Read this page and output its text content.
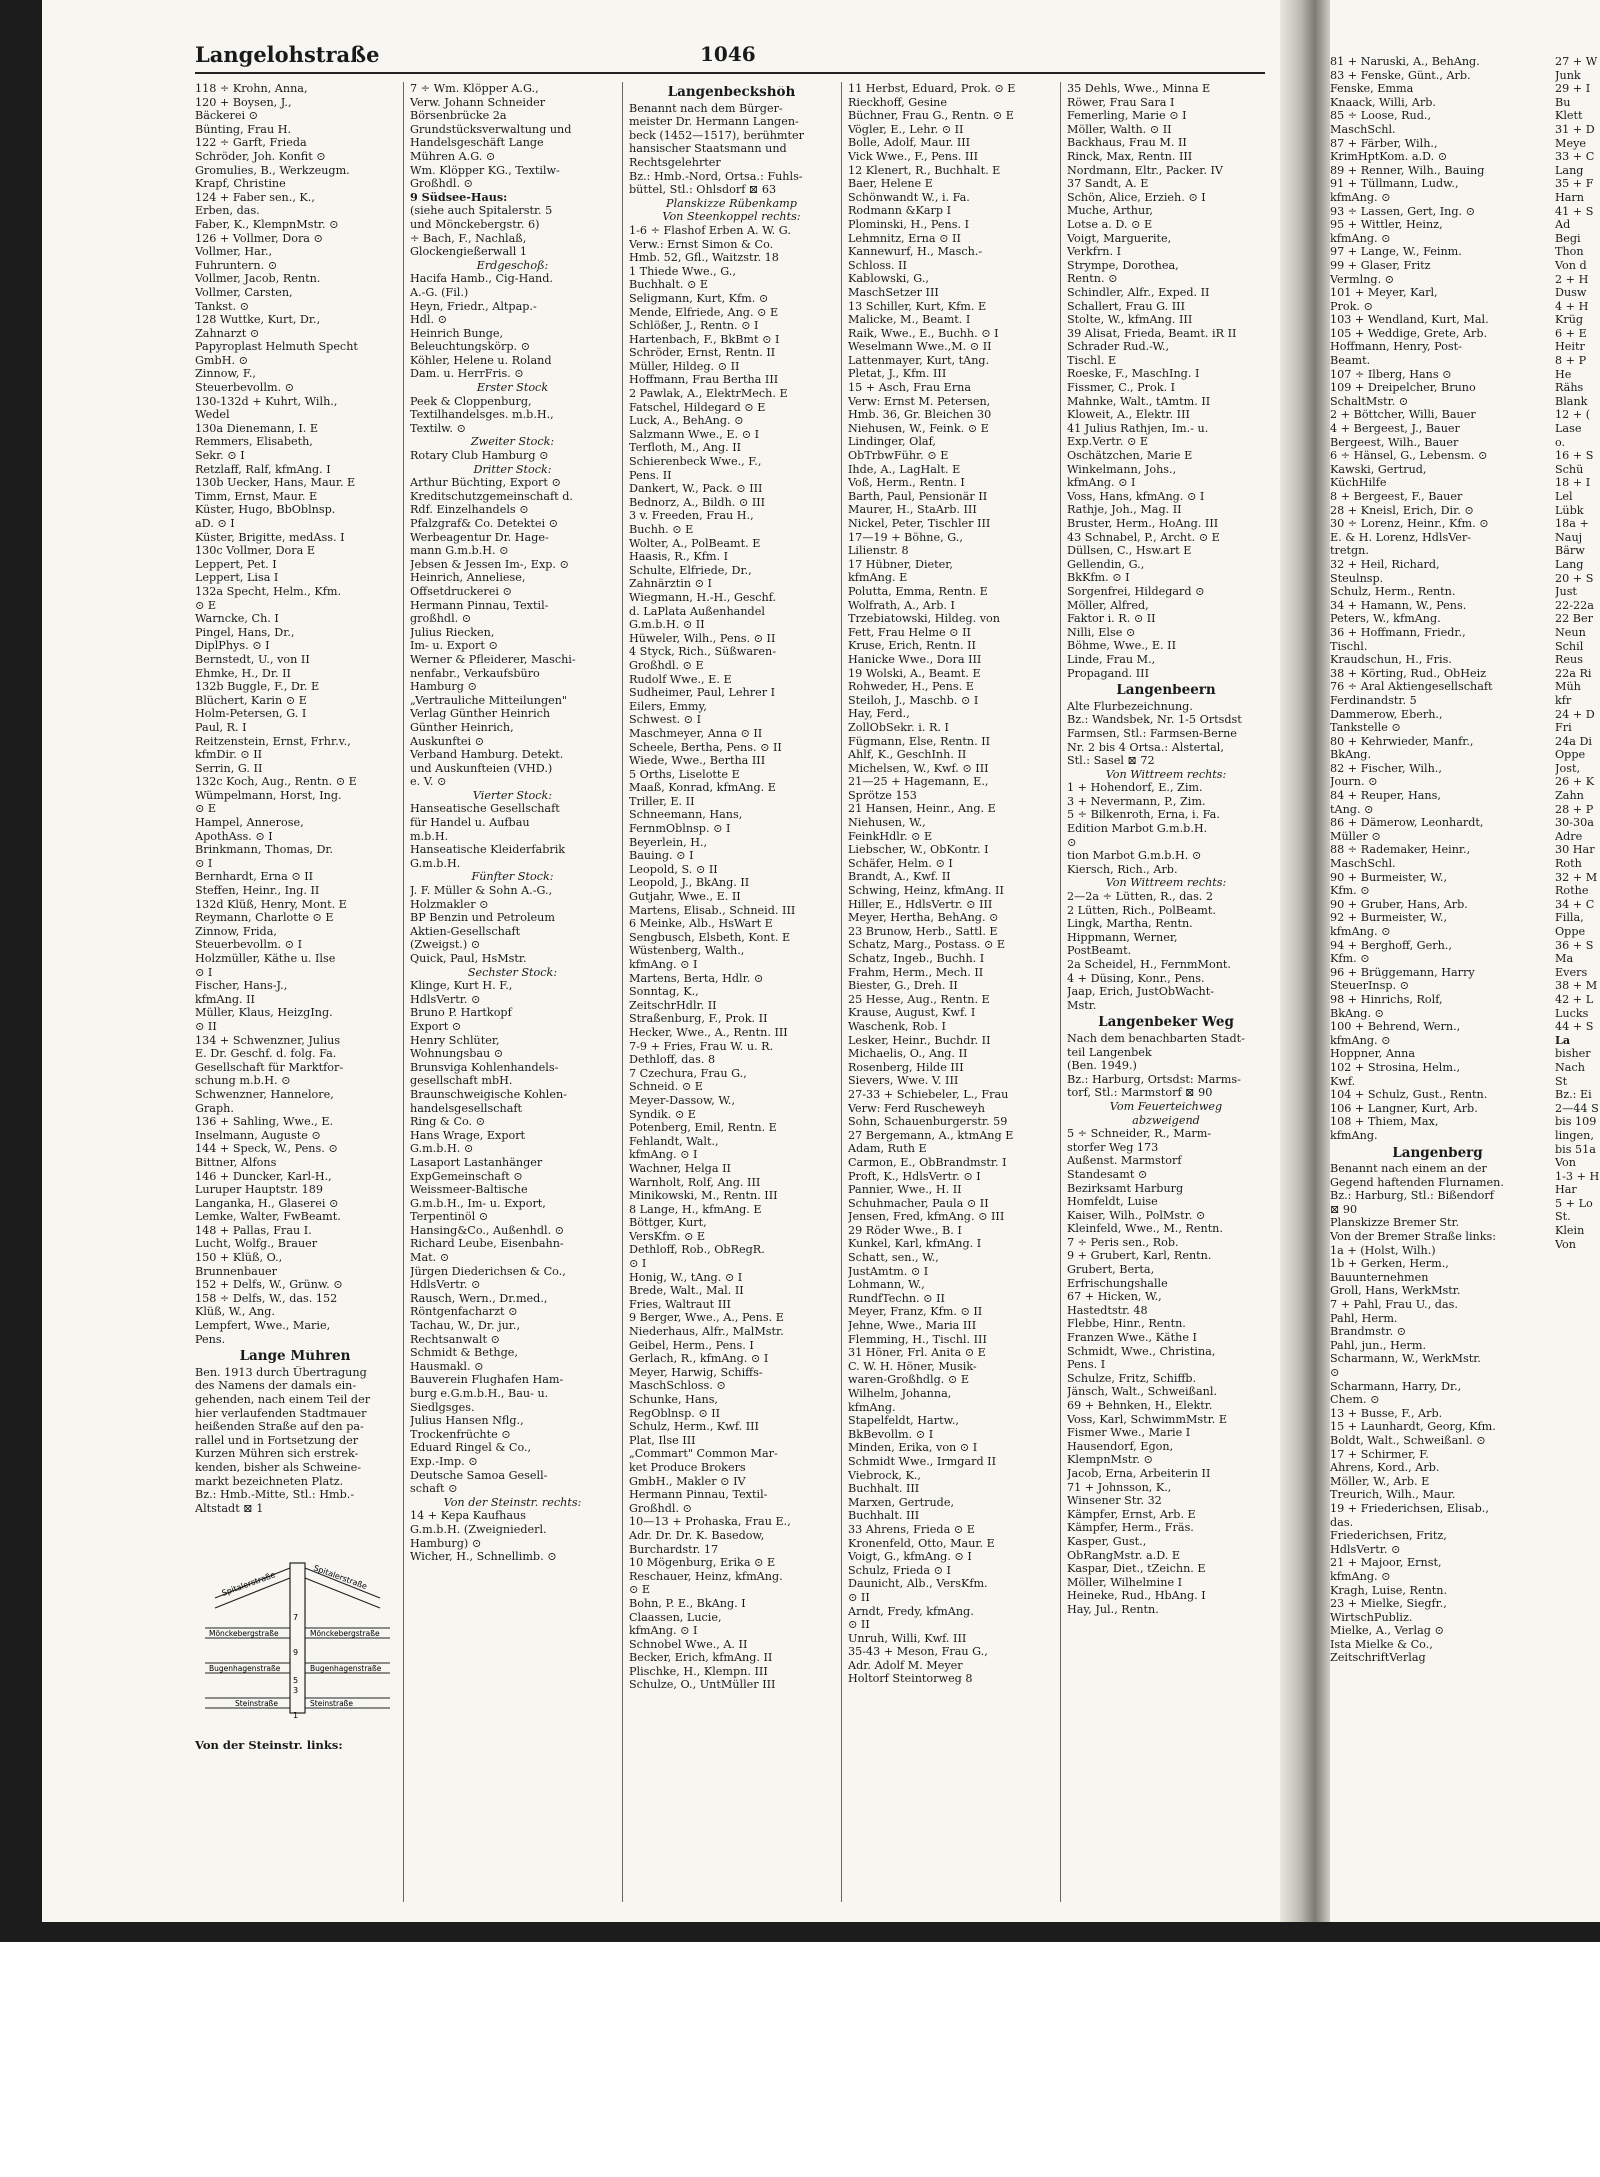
Langelohstraße	1046
118 ÷ Krohn, Anna,
120 + Boysen, J.,
Bäckerei ⊙
Bünting, Frau H.
122 ÷ Garft, Frieda
Schröder, Joh. Konfit ⊙
Gromulies, B., Werkzeugm.
Krapf, Christine
124 + Faber sen., K.,
Erben, das.
Faber, K., KlempnMstr. ⊙
126 + Vollmer, Dora ⊙
Vollmer, Har.,
Fuhruntern. ⊙
Vollmer, Jacob, Rentn.
Vollmer, Carsten,
Tankst. ⊙
128 Wuttke, Kurt, Dr.,
Zahnarzt ⊙
Papyroplast Helmuth Specht
GmbH. ⊙
Zinnow, F.,
Steuerbevollm. ⊙
130-132d + Kuhrt, Wilh.,
Wedel
130a Dienemann, I. E
Remmers, Elisabeth,
Sekr. ⊙ I
Retzlaff, Ralf, kfmAng. I
130b Uecker, Hans, Maur. E
Timm, Ernst, Maur. E
Küster, Hugo, BbOblnsp.
aD. ⊙ I
Küster, Brigitte, medAss. I
130c Vollmer, Dora E
Leppert, Pet. I
Leppert, Lisa I
132a Specht, Helm., Kfm.
⊙ E
Warncke, Ch. I
Pingel, Hans, Dr.,
DiplPhys. ⊙ I
Bernstedt, U., von II
Ehmke, H., Dr. II
132b Buggle, F., Dr. E
Blüchert, Karin ⊙ E
Holm-Petersen, G. I
Paul, R. I
Reitzenstein, Ernst, Frhr.v.,
kfmDir. ⊙ II
Serrin, G. II
132c Koch, Aug., Rentn. ⊙ E
Wümpelmann, Horst, Ing.
⊙ E
Hampel, Annerose,
ApothAss. ⊙ I
Brinkmann, Thomas, Dr.
⊙ I
Bernhardt, Erna ⊙ II
Steffen, Heinr., Ing. II
132d Klüß, Henry, Mont. E
Reymann, Charlotte ⊙ E
Zinnow, Frida,
Steuerbevollm. ⊙ I
Holzmüller, Käthe u. Ilse
⊙ I
Fischer, Hans-J.,
kfmAng. II
Müller, Klaus, HeizgIng.
⊙ II
134 + Schwenzner, Julius
E. Dr. Geschf. d. folg. Fa.
Gesellschaft für Marktfor-
schung m.b.H. ⊙
Schwenzner, Hannelore,
Graph.
136 + Sahling, Wwe., E.
Inselmann, Auguste ⊙
144 + Speck, W., Pens. ⊙
Bittner, Alfons
146 + Duncker, Karl-H.,
Luruper Hauptstr. 189
Langanka, H., Glaserei ⊙
Lemke, Walter, FwBeamt.
148 + Pallas, Frau I.
Lucht, Wolfg., Brauer
150 + Klüß, O.,
Brunnenbauer
152 + Delfs, W., Grünw. ⊙
158 ÷ Delfs, W., das. 152
Klüß, W., Ang.
Lempfert, Wwe., Marie,
Pens.
Lange Mühren
Ben. 1913 durch Übertragung
des Namens der damals ein-
gehenden, nach einem Teil der
hier verlaufenden Stadtmauer
heißenden Straße auf den pa-
rallel und in Fortsetzung der
Kurzen Mühren sich erstrek-
kenden, bisher als Schweine-
markt bezeichneten Platz.
Bz.: Hmb.-Mitte, Stl.: Hmb.-
Altstadt ⊠ 1
7 ÷ Wm. Klöpper A.G.,
Verw. Johann Schneider
Börsenbrücke 2a
Grundstücksverwaltung und
Handelsgeschäft Lange
Mühren A.G. ⊙
Wm. Klöpper KG., Textilw-
Großhdl. ⊙
9 Südsee-Haus:
(siehe auch Spitalerstr. 5
und Mönckebergstr. 6)
÷ Bach, F., Nachlaß,
Glockengießerwall 1
Erdgeschoß:
Hacifa Hamb., Cig-Hand.
A.-G. (Fil.)
Heyn, Friedr., Altpap.-
Hdl. ⊙
Heinrich Bunge,
Beleuchtungskörp. ⊙
Köhler, Helene u. Roland
Dam. u. HerrFris. ⊙
Erster Stock
Peek & Cloppenburg,
Textilhandelsges. m.b.H.,
Textilw. ⊙
Zweiter Stock:
Rotary Club Hamburg ⊙
Dritter Stock:
Arthur Büchting, Export ⊙
Kreditschutzgemeinschaft d.
Rdf. Einzelhandels ⊙
Pfalzgraf& Co. Detektei ⊙
Werbeagentur Dr. Hage-
mann G.m.b.H. ⊙
Jebsen & Jessen Im-, Exp. ⊙
Heinrich, Anneliese,
Offsetdruckerei ⊙
Hermann Pinnau, Textil-
großhdl. ⊙
Julius Riecken,
Im- u. Export ⊙
Werner & Pfleiderer, Maschi-
nenfabr., Verkaufsbüro
Hamburg ⊙
„Vertrauliche Mitteilungen"
Verlag Günther Heinrich
Günther Heinrich,
Auskunftei ⊙
Verband Hamburg. Detekt.
und Auskunfteien (VHD.)
e. V. ⊙
Vierter Stock:
Hanseatische Gesellschaft
für Handel u. Aufbau
m.b.H.
Hanseatische Kleiderfabrik
G.m.b.H.
Fünfter Stock:
J. F. Müller & Sohn A.-G.,
Holzmakler ⊙
BP Benzin und Petroleum
Aktien-Gesellschaft
(Zweigst.) ⊙
Quick, Paul, HsMstr.
Sechster Stock:
Klinge, Kurt H. F.,
HdlsVertr. ⊙
Bruno P. Hartkopf
Export ⊙
Henry Schlüter,
Wohnungsbau ⊙
Brunsviga Kohlenhandels-
gesellschaft mbH.
Braunschweigische Kohlen-
handelsgesellschaft
Ring & Co. ⊙
Hans Wrage, Export
G.m.b.H. ⊙
Lasaport Lastanhänger
ExpGemeinschaft ⊙
Weissmeer-Baltische
G.m.b.H., Im- u. Export,
Terpentinöl ⊙
Hansing&Co., Außenhdl. ⊙
Richard Leube, Eisenbahn-
Mat. ⊙
Jürgen Diederichsen & Co.,
HdlsVertr. ⊙
Rausch, Wern., Dr.med.,
Röntgenfacharzt ⊙
Tachau, W., Dr. jur.,
Rechtsanwalt ⊙
Schmidt & Bethge,
Hausmakl. ⊙
Bauverein Flughafen Ham-
burg e.G.m.b.H., Bau- u.
Siedlgsges.
Julius Hansen Nflg.,
Trockenfrüchte ⊙
Eduard Ringel & Co.,
Exp.-Imp. ⊙
Deutsche Samoa Gesell-
schaft ⊙
Von der Steinstr. rechts:
14 + Kepa Kaufhaus
G.m.b.H. (Zweigniederl.
Hamburg) ⊙
Wicher, H., Schnellimb. ⊙
Langenbeckshöh
Benannt nach dem Bürger-
meister Dr. Hermann Langen-
beck (1452—1517), berühmter
hansischer Staatsmann und
Rechtsgelehrter
Bz.: Hmb.-Nord, Ortsa.: Fuhls-
büttel, Stl.: Ohlsdorf ⊠ 63
Planskizze Rübenkamp
Von Steenkoppel rechts:
1-6 ÷ Flashof Erben A. W. G.
Verw.: Ernst Simon & Co.
Hmb. 52, Gfl., Waitzstr. 18
1 Thiede Wwe., G.,
Buchhalt. ⊙ E
Seligmann, Kurt, Kfm. ⊙
Mende, Elfriede, Ang. ⊙ E
Schlößer, J., Rentn. ⊙ I
Hartenbach, F., BkBmt ⊙ I
Schröder, Ernst, Rentn. II
Müller, Hildeg. ⊙ II
Hoffmann, Frau Bertha III
2 Pawlak, A., ElektrMech. E
Fatschel, Hildegard ⊙ E
Luck, A., BehAng. ⊙
Salzmann Wwe., E. ⊙ I
Terfloth, M., Ang. II
Schierenbeck Wwe., F.,
Pens. II
Dankert, W., Pack. ⊙ III
Bednorz, A., Bildh. ⊙ III
3 v. Freeden, Frau H.,
Buchh. ⊙ E
Wolter, A., PolBeamt. E
Haasis, R., Kfm. I
Schulte, Elfriede, Dr.,
Zahnärztin ⊙ I
Wiegmann, H.-H., Geschf.
d. LaPlata Außenhandel
G.m.b.H. ⊙ II
Hüweler, Wilh., Pens. ⊙ II
4 Styck, Rich., Süßwaren-
Großhdl. ⊙ E
Rudolf Wwe., E. E
Sudheimer, Paul, Lehrer I
Eilers, Emmy,
Schwest. ⊙ I
Maschmeyer, Anna ⊙ II
Scheele, Bertha, Pens. ⊙ II
Wiede, Wwe., Bertha III
5 Orths, Liselotte E
Maaß, Konrad, kfmAng. E
Triller, E. II
Schneemann, Hans,
FernmOblnsp. ⊙ I
Beyerlein, H.,
Bauing. ⊙ I
Leopold, S. ⊙ II
Leopold, J., BkAng. II
Gutjahr, Wwe., E. II
Martens, Elisab., Schneid. III
6 Meinke, Alb., HsWart E
Sengbusch, Elsbeth, Kont. E
Wüstenberg, Walth.,
kfmAng. ⊙ I
Martens, Berta, Hdlr. ⊙
Sonntag, K.,
ZeitschrHdlr. II
Straßenburg, F., Prok. II
Hecker, Wwe., A., Rentn. III
7-9 + Fries, Frau W. u. R.
Dethloff, das. 8
7 Czechura, Frau G.,
Schneid. ⊙ E
Meyer-Dassow, W.,
Syndik. ⊙ E
Potenberg, Emil, Rentn. E
Fehlandt, Walt.,
kfmAng. ⊙ I
Wachner, Helga II
Warnholt, Rolf, Ang. III
Minikowski, M., Rentn. III
8 Lange, H., kfmAng. E
Böttger, Kurt,
VersKfm. ⊙ E
Dethloff, Rob., ObRegR.
⊙ I
Honig, W., tAng. ⊙ I
Brede, Walt., Mal. II
Fries, Waltraut III
9 Berger, Wwe., A., Pens. E
Niederhaus, Alfr., MalMstr.
Geibel, Herm., Pens. I
Gerlach, R., kfmAng. ⊙ I
Meyer, Harwig, Schiffs-
MaschSchloss. ⊙
Schunke, Hans,
RegOblnsp. ⊙ II
Schulz, Herm., Kwf. III
Plat, Ilse III
„Commart" Common Mar-
ket Produce Brokers
GmbH., Makler ⊙ IV
Hermann Pinnau, Textil-
Großhdl. ⊙
10—13 + Prohaska, Frau E.,
Adr. Dr. Dr. K. Basedow,
Burchardstr. 17
10 Mögenburg, Erika ⊙ E
Reschauer, Heinz, kfmAng.
⊙ E
Bohn, P. E., BkAng. I
Claassen, Lucie,
kfmAng. ⊙ I
Schnobel Wwe., A. II
Becker, Erich, kfmAng. II
Plischke, H., Klempn. III
Schulze, O., UntMüller III
11 Herbst, Eduard, Prok. ⊙ E
Rieckhoff, Gesine
Büchner, Frau G., Rentn. ⊙ E
Vögler, E., Lehr. ⊙ II
Bolle, Adolf, Maur. III
Vick Wwe., F., Pens. III
12 Klenert, R., Buchhalt. E
Baer, Helene E
Schönwandt W., i. Fa.
Rodmann &Karp I
Plominski, H., Pens. I
Lehmnitz, Erna ⊙ II
Kannewurf, H., Masch.-
Schloss. II
Kablowski, G.,
MaschSetzer III
13 Schiller, Kurt, Kfm. E
Malicke, M., Beamt. I
Raik, Wwe., E., Buchh. ⊙ I
Weselmann Wwe.,M. ⊙ II
Lattenmayer, Kurt, tAng.
Pletat, J., Kfm. III
15 + Asch, Frau Erna
Verw: Ernst M. Petersen,
Hmb. 36, Gr. Bleichen 30
Niehusen, W., Feink. ⊙ E
Lindinger, Olaf,
ObTrbwFühr. ⊙ E
Ihde, A., LagHalt. E
Voß, Herm., Rentn. I
Barth, Paul, Pensionär II
Maurer, H., StaArb. III
Nickel, Peter, Tischler III
17—19 + Böhne, G.,
Lilienstr. 8
17 Hübner, Dieter,
kfmAng. E
Polutta, Emma, Rentn. E
Wolfrath, A., Arb. I
Trzebiatowski, Hildeg. von
Fett, Frau Helme ⊙ II
Kruse, Erich, Rentn. II
Hanicke Wwe., Dora III
19 Wolski, A., Beamt. E
Rohweder, H., Pens. E
Steiloh, J., Maschb. ⊙ I
Hay, Ferd.,
ZollObSekr. i. R. I
Fügmann, Else, Rentn. II
Ahlf, K., GeschInh. II
Michelsen, W., Kwf. ⊙ III
21—25 + Hagemann, E.,
Sprötze 153
21 Hansen, Heinr., Ang. E
Niehusen, W.,
FeinkHdlr. ⊙ E
Liebscher, W., ObKontr. I
Schäfer, Helm. ⊙ I
Brandt, A., Kwf. II
Schwing, Heinz, kfmAng. II
Hiller, E., HdlsVertr. ⊙ III
Meyer, Hertha, BehAng. ⊙
23 Brunow, Herb., Sattl. E
Schatz, Marg., Postass. ⊙ E
Schatz, Ingeb., Buchh. I
Frahm, Herm., Mech. II
Biester, G., Dreh. II
25 Hesse, Aug., Rentn. E
Krause, August, Kwf. I
Waschenk, Rob. I
Lesker, Heinr., Buchdr. II
Michaelis, O., Ang. II
Rosenberg, Hilde III
Sievers, Wwe. V. III
27-33 + Schiebeler, L., Frau
Verw: Ferd Ruscheweyh
Sohn, Schauenburgerstr. 59
27 Bergemann, A., ktmAng E
Adam, Ruth E
Carmon, E., ObBrandmstr. I
Proft, K., HdlsVertr. ⊙ I
Pannier, Wwe., H. II
Schuhmacher, Paula ⊙ II
Jensen, Fred, kfmAng. ⊙ III
29 Röder Wwe., B. I
Kunkel, Karl, kfmAng. I
Schatt, sen., W.,
JustAmtm. ⊙ I
Lohmann, W.,
RundfTechn. ⊙ II
Meyer, Franz, Kfm. ⊙ II
Jehne, Wwe., Maria III
Flemming, H., Tischl. III
31 Höner, Frl. Anita ⊙ E
C. W. H. Höner, Musik-
waren-Großhdlg. ⊙ E
Wilhelm, Johanna,
kfmAng.
Stapelfeldt, Hartw.,
BkBevollm. ⊙ I
Minden, Erika, von ⊙ I
Schmidt Wwe., Irmgard II
Viebrock, K.,
Buchhalt. III
Marxen, Gertrude,
Buchhalt. III
33 Ahrens, Frieda ⊙ E
Kronenfeld, Otto, Maur. E
Voigt, G., kfmAng. ⊙ I
Schulz, Frieda ⊙ I
Daunicht, Alb., VersKfm.
⊙ II
Arndt, Fredy, kfmAng.
⊙ II
Unruh, Willi, Kwf. III
35-43 + Meson, Frau G.,
Adr. Adolf M. Meyer
Holtorf Steintorweg 8
35 Dehls, Wwe., Minna E
Röwer, Frau Sara I
Femerling, Marie ⊙ I
Möller, Walth. ⊙ II
Backhaus, Frau M. II
Rinck, Max, Rentn. III
Nordmann, Eltr., Packer. IV
37 Sandt, A. E
Schön, Alice, Erzieh. ⊙ I
Muche, Arthur,
Lotse a. D. ⊙ E
Voigt, Marguerite,
Verkfrn. I
Strympe, Dorothea,
Rentn. ⊙
Schindler, Alfr., Exped. II
Schallert, Frau G. III
Stolte, W., kfmAng. III
39 Alisat, Frieda, Beamt. iR II
Schrader Rud.-W.,
Tischl. E
Roeske, F., MaschIng. I
Fissmer, C., Prok. I
Mahnke, Walt., tAmtm. II
Kloweit, A., Elektr. III
41 Julius Rathjen, Im.- u.
Exp.Vertr. ⊙ E
Oschätzchen, Marie E
Winkelmann, Johs.,
kfmAng. ⊙ I
Voss, Hans, kfmAng. ⊙ I
Rathje, Joh., Mag. II
Bruster, Herm., HoAng. III
43 Schnabel, P., Archt. ⊙ E
Düllsen, C., Hsw.art E
Gellendin, G.,
BkKfm. ⊙ I
Sorgenfrei, Hildegard ⊙
Möller, Alfred,
Faktor i. R. ⊙ II
Nilli, Else ⊙
Böhme, Wwe., E. II
Linde, Frau M.,
Propagand. III
Langenbeern
Alte Flurbezeichnung.
Bz.: Wandsbek, Nr. 1-5 Ortsdst
Farmsen, Stl.: Farmsen-Berne
Nr. 2 bis 4 Ortsa.: Alstertal,
Stl.: Sasel ⊠ 72
Von Wittreem rechts:
1 + Hohendorf, E., Zim.
3 + Nevermann, P., Zim.
5 ÷ Bilkenroth, Erna, i. Fa.
Edition Marbot G.m.b.H.
⊙
tion Marbot G.m.b.H. ⊙
Kiersch, Rich., Arb.
Von Wittreem rechts:
2—2a ÷ Lütten, R., das. 2
2 Lütten, Rich., PolBeamt.
Lingk, Martha, Rentn.
Hippmann, Werner,
PostBeamt.
2a Scheidel, H., FernmMont.
4 + Düsing, Konr., Pens.
Jaap, Erich, JustObWacht-
Mstr.
Langenbeker Weg
Nach dem benachbarten Stadt-
teil Langenbek
(Ben. 1949.)
Bz.: Harburg, Ortsdst: Marms-
torf, Stl.: Marmstorf ⊠ 90
Vom Feuerteichweg
abzweigend
5 ÷ Schneider, R., Marm-
storfer Weg 173
Außenst. Marmstorf
Standesamt ⊙
Bezirksamt Harburg
Homfeldt, Luise
Kaiser, Wilh., PolMstr. ⊙
Kleinfeld, Wwe., M., Rentn.
7 ÷ Peris sen., Rob.
9 + Grubert, Karl, Rentn.
Grubert, Berta,
Erfrischungshalle
67 + Hicken, W.,
Hastedtstr. 48
Flebbe, Hinr., Rentn.
Franzen Wwe., Käthe I
Schmidt, Wwe., Christina,
Pens. I
Schulze, Fritz, Schiffb.
Jänsch, Walt., Schweißanl.
69 + Behnken, H., Elektr.
Voss, Karl, SchwimmMstr. E
Fismer Wwe., Marie I
Hausendorf, Egon,
KlempnMstr. ⊙
Jacob, Erna, Arbeiterin II
71 + Johnsson, K.,
Winsener Str. 32
Kämpfer, Ernst, Arb. E
Kämpfer, Herm., Fräs.
Kasper, Gust.,
ObRangMstr. a.D. E
Kaspar, Diet., tZeichn. E
Möller, Wilhelmine I
Heineke, Rud., HbAng. I
Hay, Jul., Rentn.
Spitalerstraße	Spitalerstraße
Mönckebergstraße	Mönckebergstraße
Bugenhagenstraße	Bugenhagenstraße
Steinstraße	Steinstraße
7
9
5
3
1
Von der Steinstr. links:
81 + Naruski, A., BehAng.
83 + Fenske, Günt., Arb.
Fenske, Emma
Knaack, Willi, Arb.
85 ÷ Loose, Rud.,
MaschSchl.
87 + Färber, Wilh.,
KrimHptKom. a.D. ⊙
89 + Renner, Wilh., Bauing
91 + Tüllmann, Ludw.,
kfmAng. ⊙
93 ÷ Lassen, Gert, Ing. ⊙
95 + Wittler, Heinz,
kfmAng. ⊙
97 + Lange, W., Feinm.
99 + Glaser, Fritz
Vermlng. ⊙
101 + Meyer, Karl,
Prok. ⊙
103 + Wendland, Kurt, Mal.
105 + Weddige, Grete, Arb.
Hoffmann, Henry, Post-
Beamt.
107 ÷ Ilberg, Hans ⊙
109 + Dreipelcher, Bruno
SchaltMstr. ⊙
2 + Böttcher, Willi, Bauer
4 + Bergeest, J., Bauer
Bergeest, Wilh., Bauer
6 ÷ Hänsel, G., Lebensm. ⊙
Kawski, Gertrud,
KüchHilfe
8 + Bergeest, F., Bauer
28 + Kneisl, Erich, Dir. ⊙
30 ÷ Lorenz, Heinr., Kfm. ⊙
E. & H. Lorenz, HdlsVer-
tretgn.
32 + Heil, Richard,
Steulnsp.
Schulz, Herm., Rentn.
34 + Hamann, W., Pens.
Peters, W., kfmAng.
36 + Hoffmann, Friedr.,
Tischl.
Kraudschun, H., Fris.
38 + Körting, Rud., ObHeiz
76 ÷ Aral Aktiengesellschaft
Ferdinandstr. 5
Dammerow, Eberh.,
Tankstelle ⊙
80 + Kehrwieder, Manfr.,
BkAng.
82 + Fischer, Wilh.,
Journ. ⊙
84 + Reuper, Hans,
tAng. ⊙
86 + Dämerow, Leonhardt,
Müller ⊙
88 ÷ Rademaker, Heinr.,
MaschSchl.
90 + Burmeister, W.,
Kfm. ⊙
90 + Gruber, Hans, Arb.
92 + Burmeister, W.,
kfmAng. ⊙
94 + Berghoff, Gerh.,
Kfm. ⊙
96 + Brüggemann, Harry
SteuerInsp. ⊙
98 + Hinrichs, Rolf,
BkAng. ⊙
100 + Behrend, Wern.,
kfmAng. ⊙
Hoppner, Anna
102 + Strosina, Helm.,
Kwf.
104 + Schulz, Gust., Rentn.
106 + Langner, Kurt, Arb.
108 + Thiem, Max,
kfmAng.
Langenberg
Benannt nach einem an der
Gegend haftenden Flurnamen.
Bz.: Harburg, Stl.: Bißendorf
⊠ 90
Planskizze Bremer Str.
Von der Bremer Straße links:
1a + (Holst, Wilh.)
1b + Gerken, Herm.,
Bauunternehmen
Groll, Hans, WerkMstr.
7 + Pahl, Frau U., das.
Pahl, Herm.
Brandmstr. ⊙
Pahl, jun., Herm.
Scharmann, W., WerkMstr.
⊙
Scharmann, Harry, Dr.,
Chem. ⊙
13 + Busse, F., Arb.
15 + Launhardt, Georg, Kfm.
Boldt, Walt., Schweißanl. ⊙
17 + Schirmer, F.
Ahrens, Kord., Arb.
Möller, W., Arb. E
Treurich, Wilh., Maur.
19 + Friederichsen, Elisab.,
das.
Friederichsen, Fritz,
HdlsVertr. ⊙
21 + Majoor, Ernst,
kfmAng. ⊙
Kragh, Luise, Rentn.
23 + Mielke, Siegfr.,
WirtschPubliz.
Mielke, A., Verlag ⊙
Ista Mielke & Co.,
ZeitschriftVerlag
27 + W
Junk
29 + I
Bu
Klett
31 + D
Meye
33 + C
Lang
35 + F
Harn
41 + S
Ad
Begi
Thon
Von d
2 + H
Dusw
4 + H
Krüg
6 + E
Heitr
8 + P
He
Rähs
Blank
12 + (
Lase
o.
16 + S
Schü
18 + I
Lel
Lübk
18a +
Nauj
Bärw
Lang
20 + S
Just
22-22a
22 Ber
Neun
Schil
Reus
22a Ri
Müh
kfr
24 + D
Fri
24a Di
Oppe
Jost,
26 + K
Zahn
28 + P
30-30a
Adre
30 Har
Roth
32 + M
Rothe
34 + C
Filla,
Oppe
36 + S
Ma
Evers
38 + M
42 + L
Lucks
44 + S
La
bisher
Nach
St
Bz.: Ei
2—44 S
bis 109
lingen,
bis 51a
Von
1-3 + H
Har
5 + Lo
St.
Klein
Von
